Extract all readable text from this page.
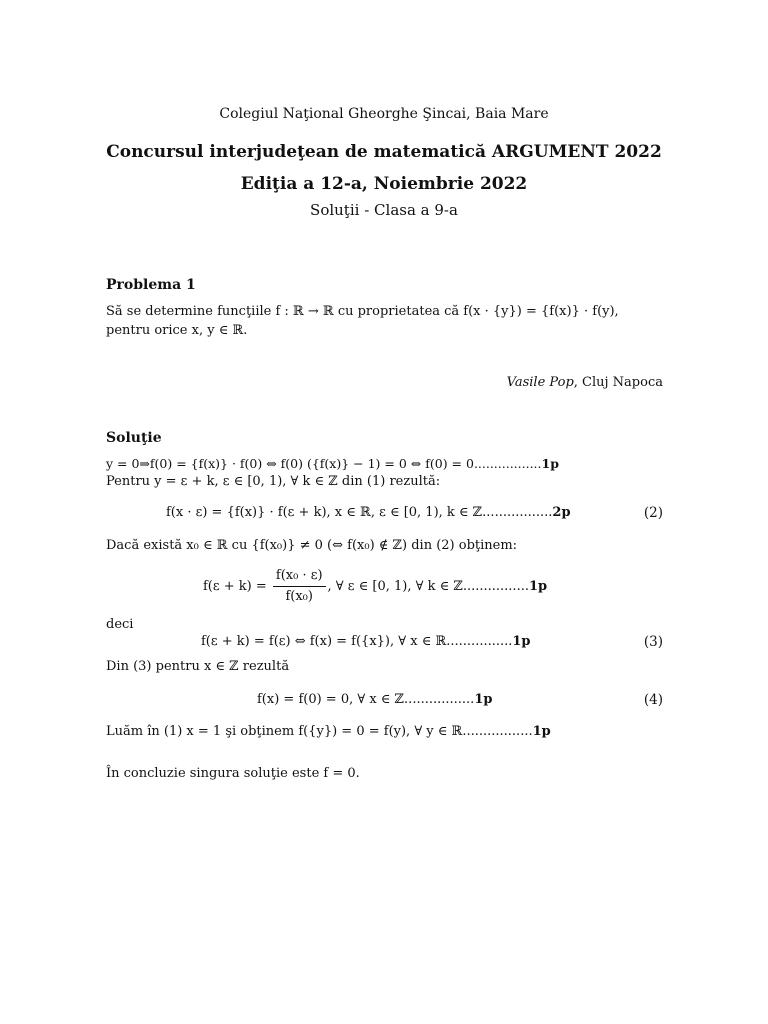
Colegiul Naţional Gheorghe Şincai, Baia Mare
Concursul interjudeţean de matematică ARGUMENT 2022
Ediţia a 12-a, Noiembrie 2022
Soluţii - Clasa a 9-a
Problema 1
Să se determine funcţiile f : ℝ → ℝ cu proprietatea că f(x · {y}) = {f(x)} · f(y),
pentru orice x, y ∈ ℝ.
Vasile Pop, Cluj Napoca
Soluţie
y = 0⇒f(0) = {f(x)} · f(0) ⇔ f(0) ({f(x)} − 1) = 0 ⇔ f(0) = 0.................1p
Pentru y = ε + k, ε ∈ [0, 1), ∀ k ∈ ℤ din (1) rezultă:
f(x · ε) = {f(x)} · f(ε + k), x ∈ ℝ, ε ∈ [0, 1), k ∈ ℤ.................2p	(2)
Dacă există x₀ ∈ ℝ cu {f(x₀)} ≠ 0 (⇔ f(x₀) ∉ ℤ) din (2) obţinem:
$f(\varepsilon + k) = \frac{\text{f(x₀ · ε)}}{\text{f(x₀)}}$ , ∀ ε ∈ [0, 1), ∀ k ∈ ℤ................1p
deci
f(ε + k) = f(ε) ⇔ f(x) = f({x}), ∀ x ∈ ℝ................1p	(3)
Din (3) pentru x ∈ ℤ rezultă
f(x) = f(0) = 0, ∀ x ∈ ℤ.................1p	(4)
Luăm în (1) x = 1 şi obţinem f({y}) = 0 = f(y), ∀ y ∈ ℝ.................1p
În concluzie singura soluţie este f = 0.
